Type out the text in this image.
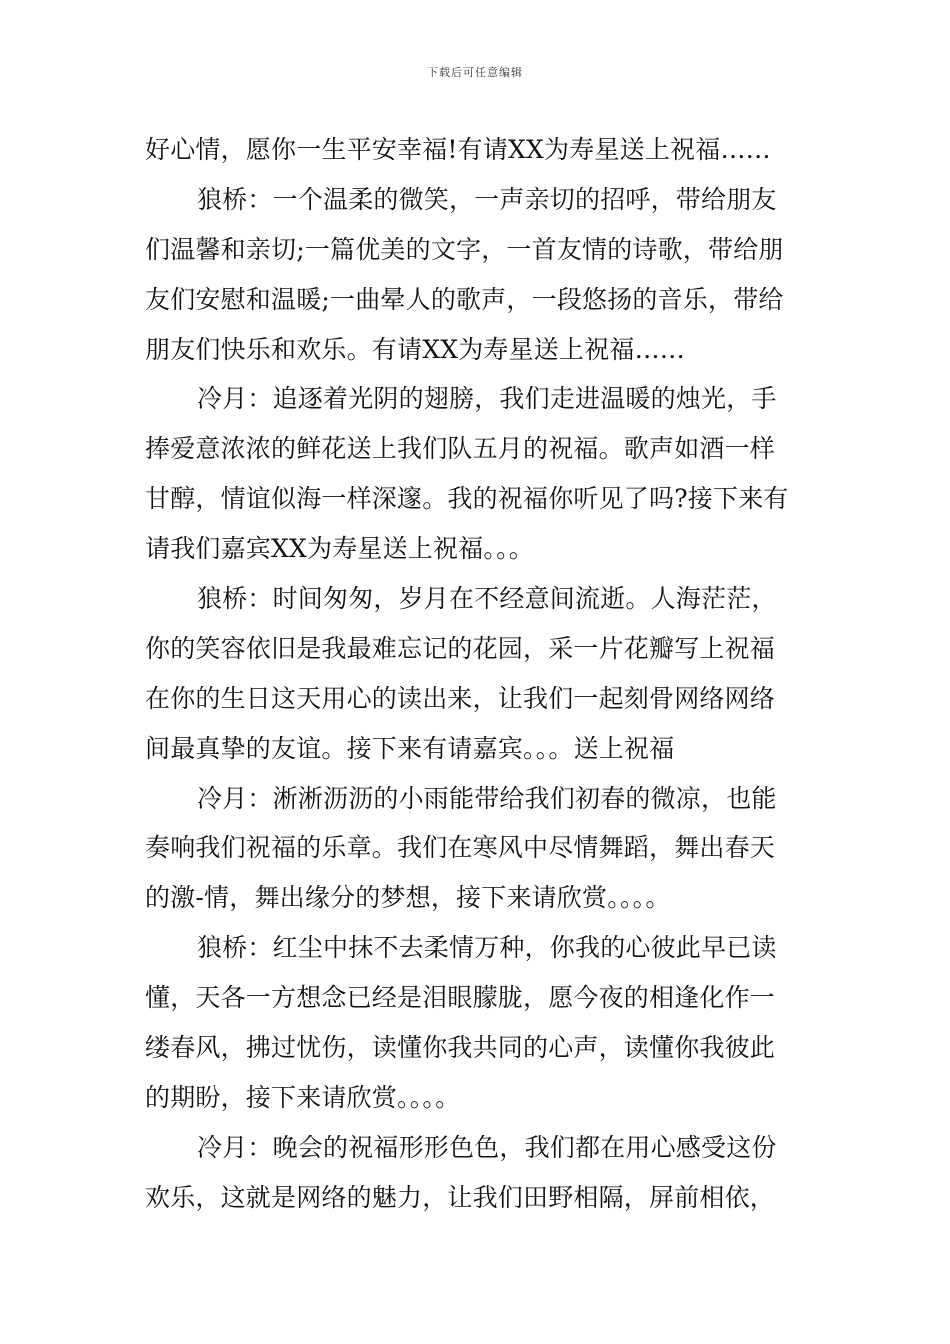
下载后可任意编辑
好心情，愿你一生平安幸福!有请XX为寿星送上祝福……
狼桥：一个温柔的微笑，一声亲切的招呼，带给朋友
们温馨和亲切;一篇优美的文字，一首友情的诗歌，带给朋
友们安慰和温暖;一曲晕人的歌声，一段悠扬的音乐，带给
朋友们快乐和欢乐。有请XX为寿星送上祝福……
冷月：追逐着光阴的翅膀，我们走进温暖的烛光，手
捧爱意浓浓的鲜花送上我们队五月的祝福。歌声如酒一样
甘醇，情谊似海一样深邃。我的祝福你听见了吗?接下来有
请我们嘉宾XX为寿星送上祝福。。。
狼桥：时间匆匆，岁月在不经意间流逝。人海茫茫，
你的笑容依旧是我最难忘记的花园，采一片花瓣写上祝福
在你的生日这天用心的读出来，让我们一起刻骨网络网络
间最真挚的友谊。接下来有请嘉宾。。。送上祝福
冷月：淅淅沥沥的小雨能带给我们初春的微凉，也能
奏响我们祝福的乐章。我们在寒风中尽情舞蹈，舞出春天
的激-情，舞出缘分的梦想，接下来请欣赏。。。。
狼桥：红尘中抹不去柔情万种，你我的心彼此早已读
懂，天各一方想念已经是泪眼朦胧，愿今夜的相逢化作一
缕春风，拂过忧伤，读懂你我共同的心声，读懂你我彼此
的期盼，接下来请欣赏。。。。
冷月：晚会的祝福形形色色，我们都在用心感受这份
欢乐，这就是网络的魅力，让我们田野相隔，屏前相依，
